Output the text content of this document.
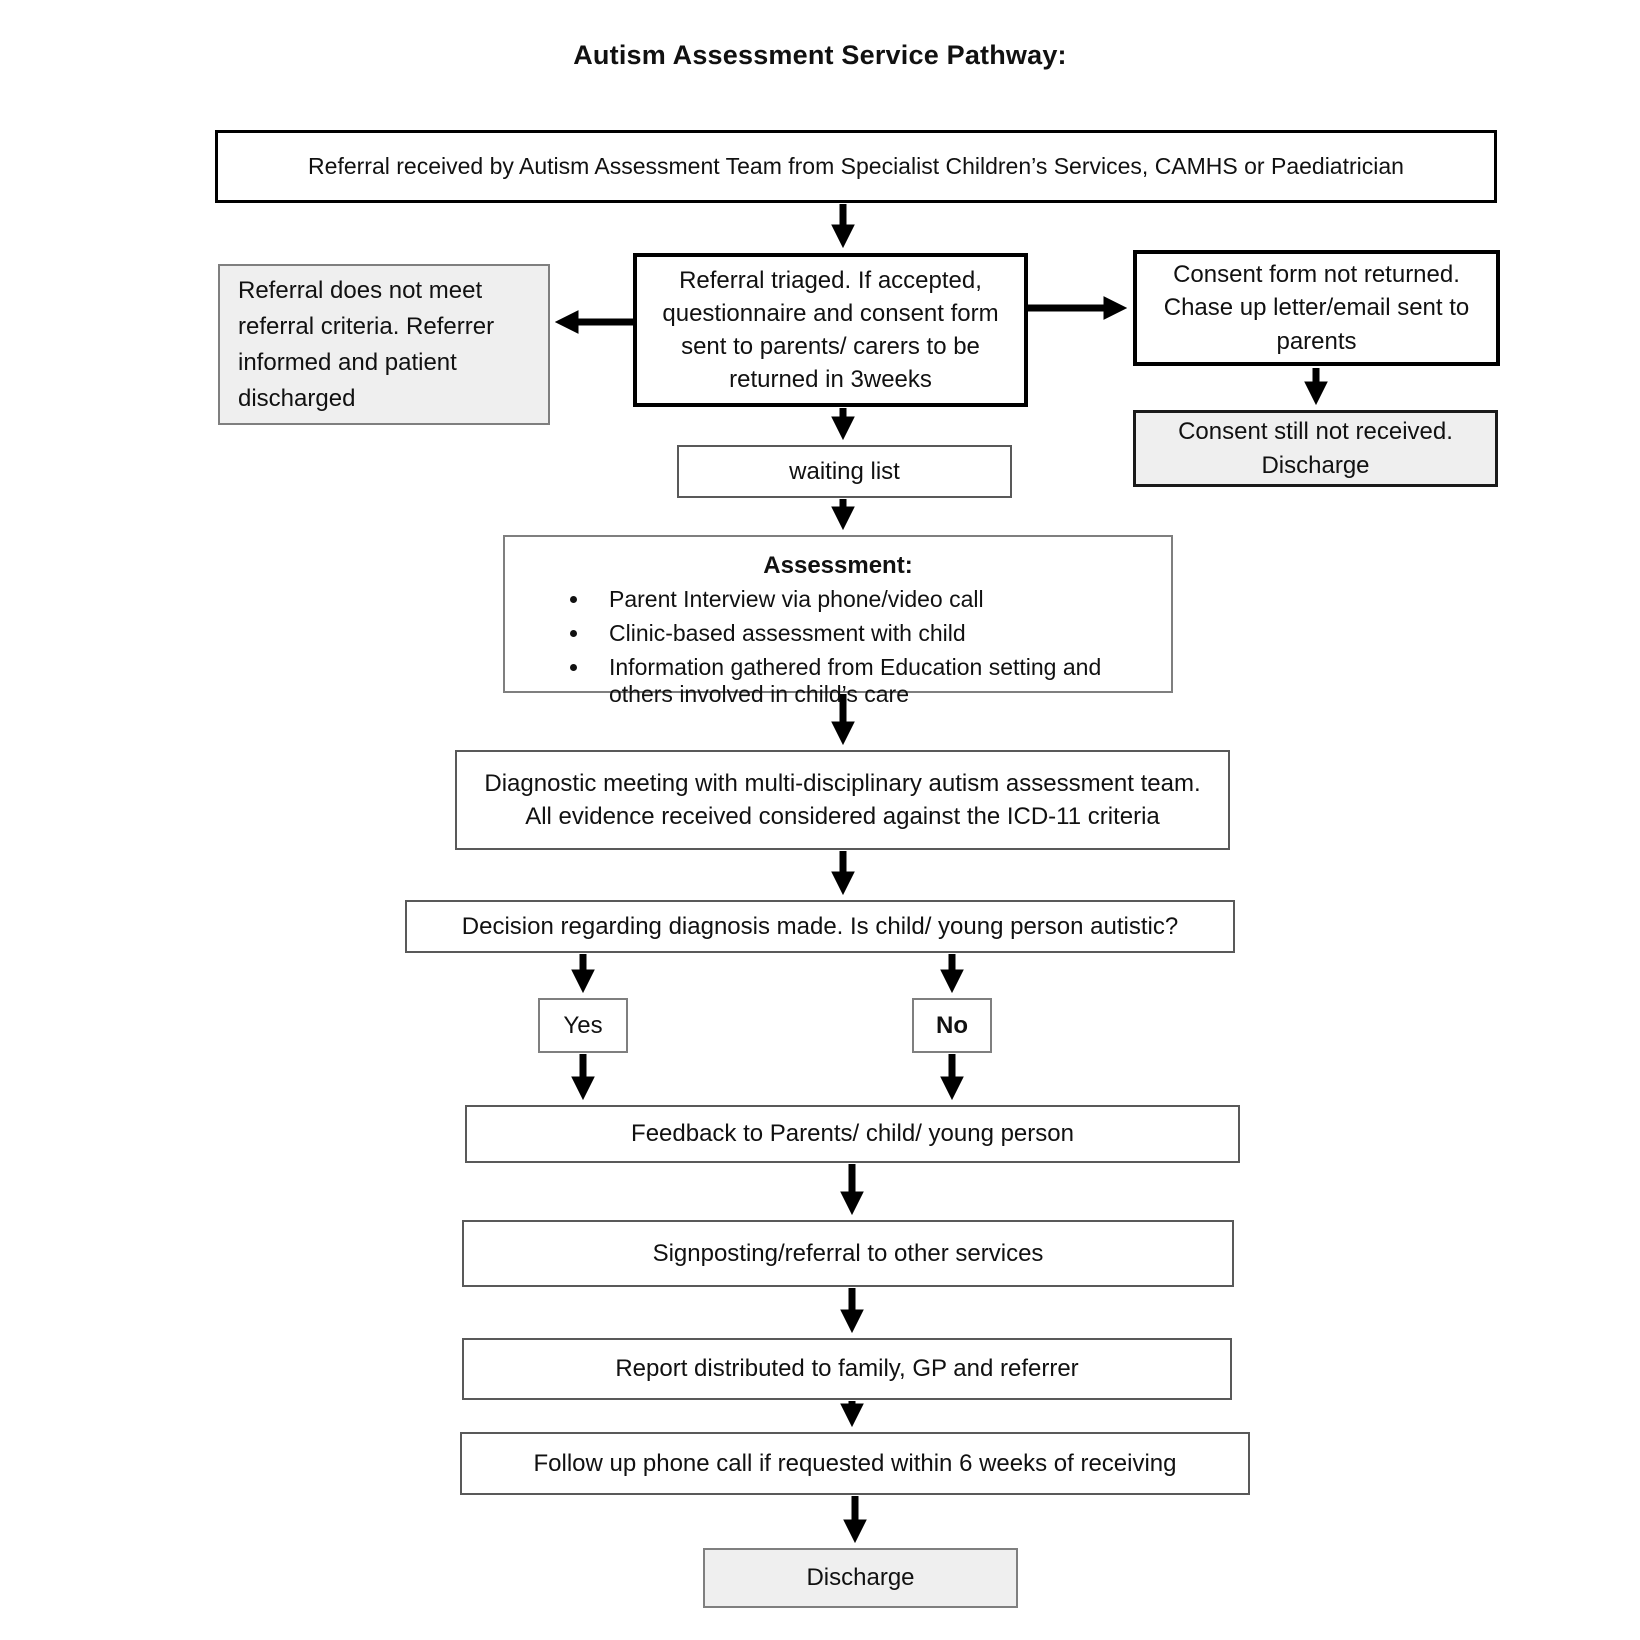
Autism Assessment Service Pathway:
Referral received by Autism Assessment Team from Specialist Children’s Services, CAMHS or Paediatrician
Referral does not meet referral criteria. Referrer informed and patient discharged
Referral triaged. If accepted, questionnaire and consent form sent to parents/ carers to be returned in 3weeks
Consent form not returned. Chase up letter/email sent to parents
Consent still not received. Discharge
waiting list
Assessment:
• Parent Interview via phone/video call
• Clinic-based assessment with child
• Information gathered from Education setting and others involved in child’s care
Diagnostic meeting with multi-disciplinary autism assessment team. All evidence received considered against the ICD-11 criteria
Decision regarding diagnosis made. Is child/ young person autistic?
Yes	No
Feedback to Parents/ child/ young person
Signposting/referral to other services
Report distributed to family, GP and referrer
Follow up phone call if requested within 6 weeks of receiving
Discharge
